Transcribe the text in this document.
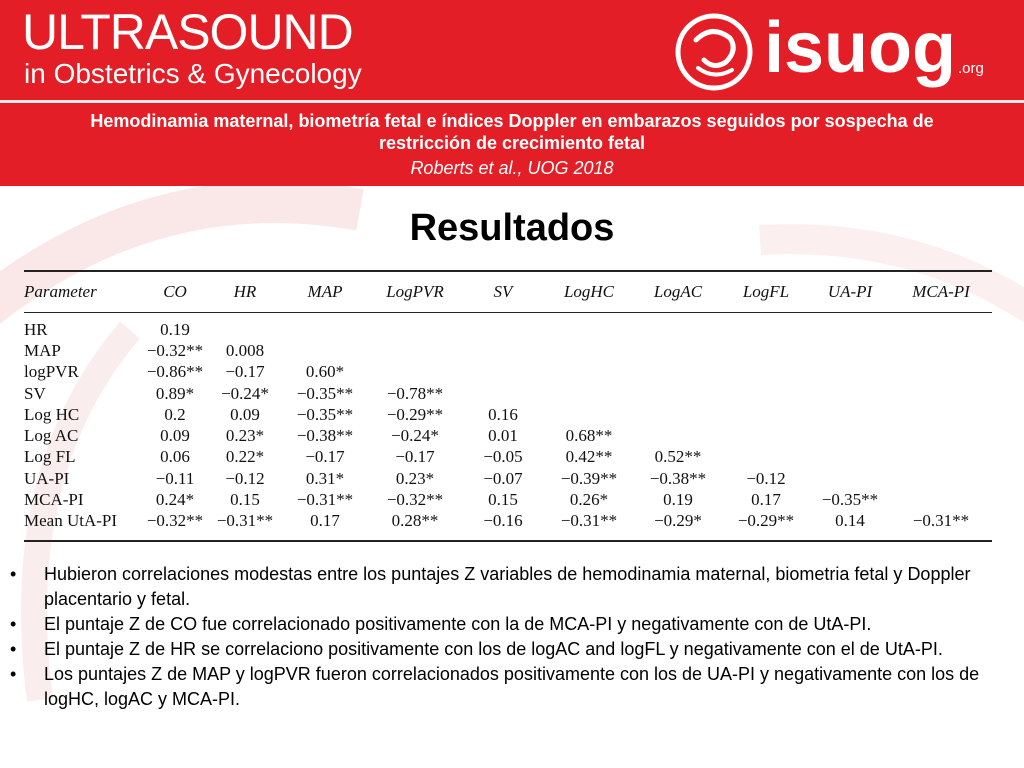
ULTRASOUND

in Obstetrics & Gynecology	isuog .org

Hemodinamia maternal, biometría fetal e índices Doppler en embarazos seguidos por sospecha de
restricción de crecimiento fetal

Roberts et al., UOG 2018
Resultados
Parameter	CO	HR	MAP	LogPVR	SV	LogHC	LogAC	LogFL	UA-PI	MCA-PI
HR	0.19									
MAP	−0.32**	0.008								
logPVR	−0.86**	−0.17	0.60*							
SV	0.89*	−0.24*	−0.35**	−0.78**						
Log HC	0.2	0.09	−0.35**	−0.29**	0.16					
Log AC	0.09	0.23*	−0.38**	−0.24*	0.01	0.68**				
Log FL	0.06	0.22*	−0.17	−0.17	−0.05	0.42**	0.52**			
UA-PI	−0.11	−0.12	0.31*	0.23*	−0.07	−0.39**	−0.38**	−0.12		
MCA-PI	0.24*	0.15	−0.31**	−0.32**	0.15	0.26*	0.19	0.17	−0.35**	
Mean UtA-PI	−0.32**	−0.31**	0.17	0.28**	−0.16	−0.31**	−0.29*	−0.29**	0.14	−0.31**
• Hubieron correlaciones modestas entre los puntajes Z variables de hemodinamia maternal, biometria fetal y Doppler placentario y fetal.
• El puntaje Z de CO fue correlacionado positivamente con la de MCA-PI y negativamente con de UtA-PI.
• El puntaje Z de HR se correlaciono positivamente con los de logAC and logFL y negativamente con el de UtA-PI.
• Los puntajes Z de MAP y logPVR fueron correlacionados positivamente con los de UA-PI y negativamente con los de logHC, logAC y MCA-PI.
